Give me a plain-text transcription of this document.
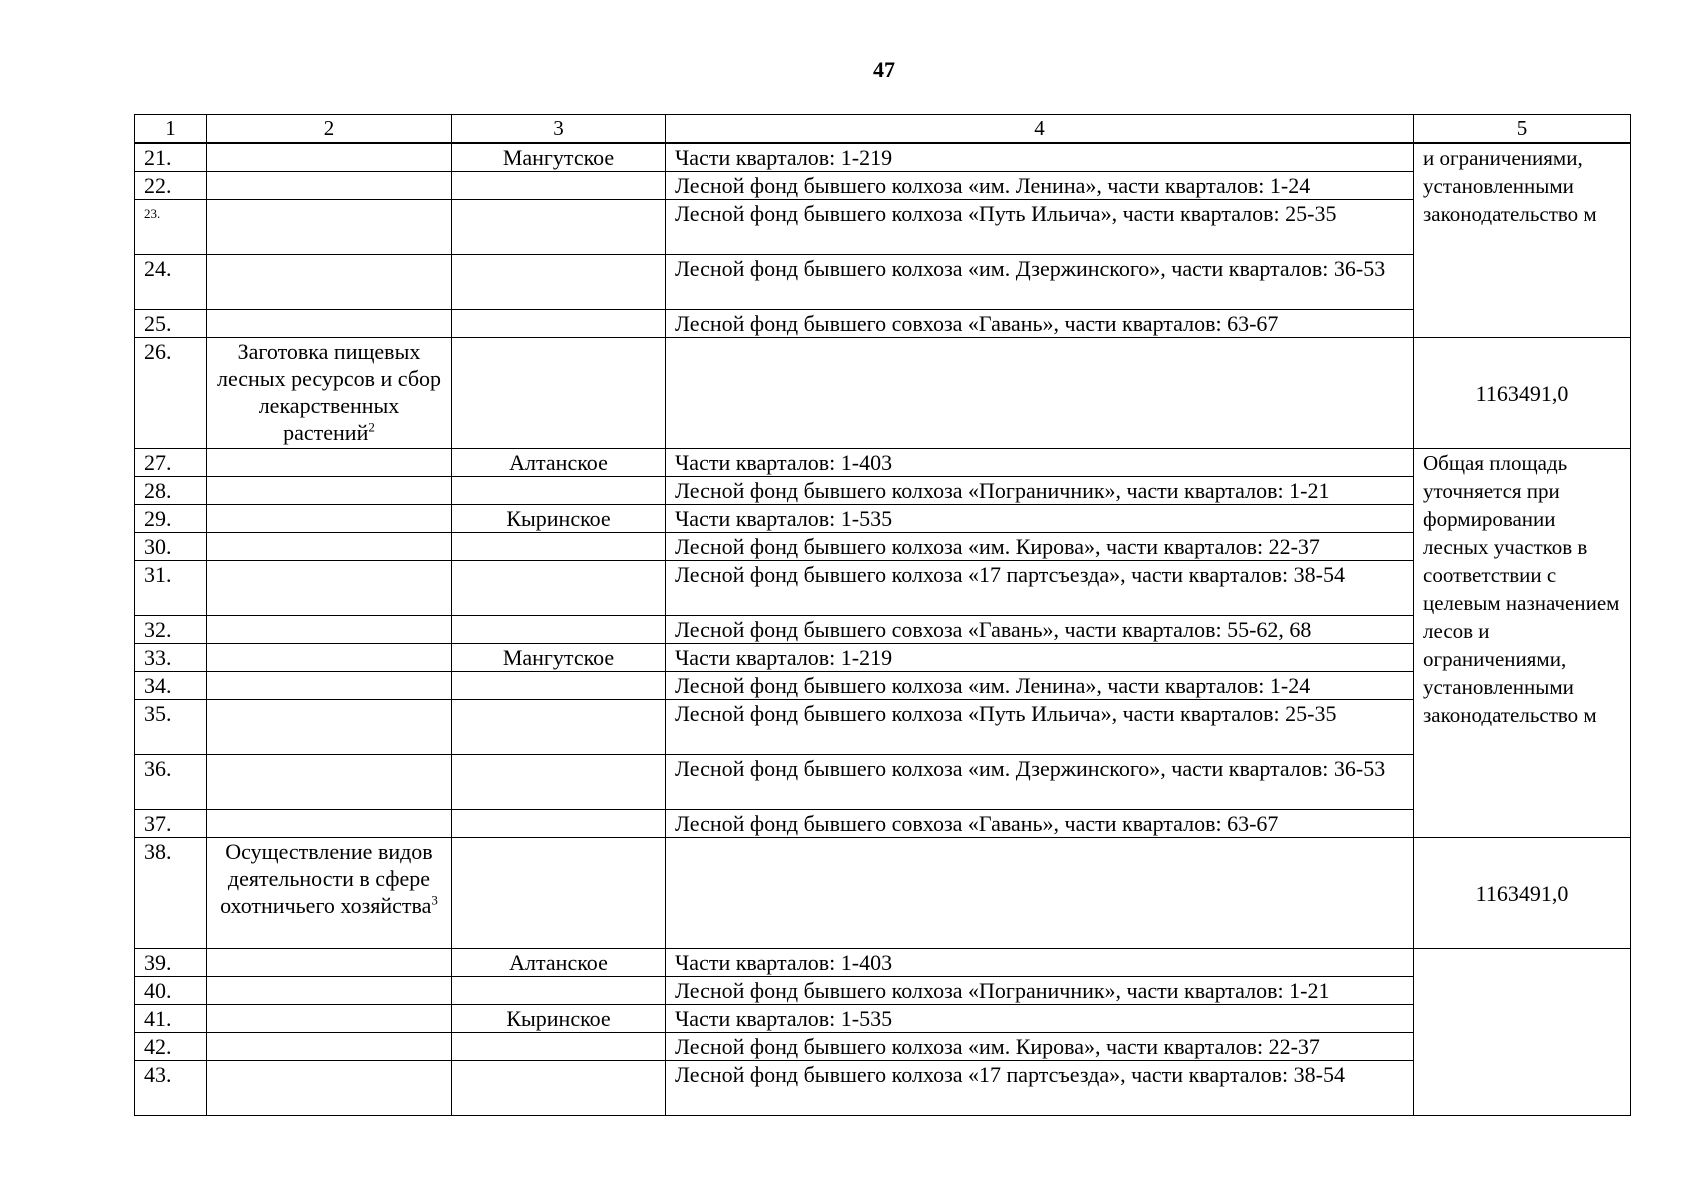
47
1	2	3	4	5
21.		Мангутское	Части кварталов: 1-219	и ограничениями, установленными законодательство м
22.			Лесной фонд бывшего колхоза «им. Ленина», части кварталов: 1-24	
23.			Лесной фонд бывшего колхоза «Путь Ильича», части кварталов: 25-35	
24.			Лесной фонд бывшего колхоза «им. Дзержинского», части кварталов: 36-53	
25.			Лесной фонд бывшего совхоза «Гавань», части кварталов: 63-67	
26.	Заготовка пищевых лесных ресурсов и сбор лекарственных растений$^2$			1163491,0
27.		Алтанское	Части кварталов: 1-403	Общая площадь уточняется при формировании лесных участков в соответствии с целевым назначением лесов и ограничениями, установленными законодательство м
28.			Лесной фонд бывшего колхоза «Пограничник», части кварталов: 1-21	
29.		Кыринское	Части кварталов: 1-535	
30.			Лесной фонд бывшего колхоза «им. Кирова», части кварталов: 22-37	
31.			Лесной фонд бывшего колхоза «17 партсъезда», части кварталов: 38-54	
32.			Лесной фонд бывшего совхоза «Гавань», части кварталов: 55-62, 68	
33.		Мангутское	Части кварталов: 1-219	
34.			Лесной фонд бывшего колхоза «им. Ленина», части кварталов: 1-24	
35.			Лесной фонд бывшего колхоза «Путь Ильича», части кварталов: 25-35	
36.			Лесной фонд бывшего колхоза «им. Дзержинского», части кварталов: 36-53	
37.			Лесной фонд бывшего совхоза «Гавань», части кварталов: 63-67	
38.	Осуществление видов деятельности в сфере охотничьего хозяйства$^3$			1163491,0
39.		Алтанское	Части кварталов: 1-403	
40.			Лесной фонд бывшего колхоза «Пограничник», части кварталов: 1-21	
41.		Кыринское	Части кварталов: 1-535	
42.			Лесной фонд бывшего колхоза «им. Кирова», части кварталов: 22-37	
43.			Лесной фонд бывшего колхоза «17 партсъезда», части кварталов: 38-54	
